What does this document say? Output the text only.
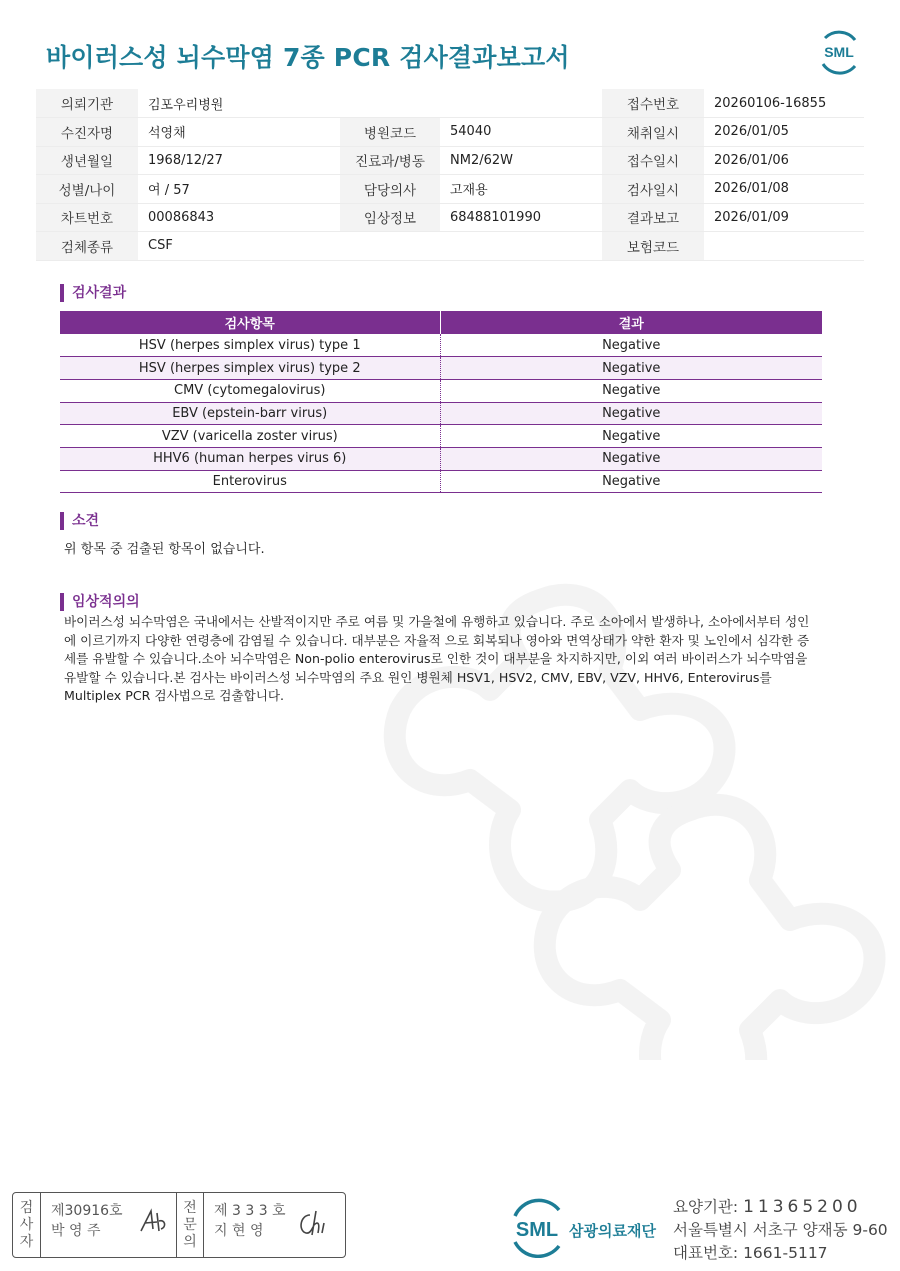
바이러스성 뇌수막염 7종 PCR 검사결과보고서	SML
의뢰기관	김포우리병원			접수번호	20260106-16855
수진자명	석영채	병원코드	54040	채취일시	2026/01/05
생년월일	1968/12/27	진료과/병동	NM2/62W	접수일시	2026/01/06
성별/나이	여 / 57	담당의사	고재용	검사일시	2026/01/08
차트번호	00086843	임상정보	68488101990	결과보고	2026/01/09
검체종류	CSF			보험코드	
검사결과
검사항목	결과
HSV (herpes simplex virus) type 1	Negative
HSV (herpes simplex virus) type 2	Negative
CMV (cytomegalovirus)	Negative
EBV (epstein-barr virus)	Negative
VZV (varicella zoster virus)	Negative
HHV6 (human herpes virus 6)	Negative
Enterovirus	Negative
소견
위 항목 중 검출된 항목이 없습니다.
임상적의의
바이러스성 뇌수막염은 국내에서는 산발적이지만 주로 여름 및 가을철에 유행하고 있습니다. 주로 소아에서 발생하나, 소아에서부터 성인에 이르기까지 다양한 연령층에 감염될 수 있습니다. 대부분은 자율적 으로 회복되나 영아와 면역상태가 약한 환자 및 노인에서 심각한 증세를 유발할 수 있습니다.소아 뇌수막염은 Non-polio enterovirus로 인한 것이 대부분을 차지하지만, 이외 여러 바이러스가 뇌수막염을 유발할 수 있습니다.본 검사는 바이러스성 뇌수막염의 주요 원인 병원체 HSV1, HSV2, CMV, EBV, VZV, HHV6, Enterovirus를 Multiplex PCR 검사법으로 검출합니다.
검
사
자
제30916호
박 영 주
전
문
의
제 3 3 3 호
지 현 영	SML 삼광의료재단
요양기관: 11365200
서울특별시 서초구 양재동 9-60
대표번호: 1661-5117
